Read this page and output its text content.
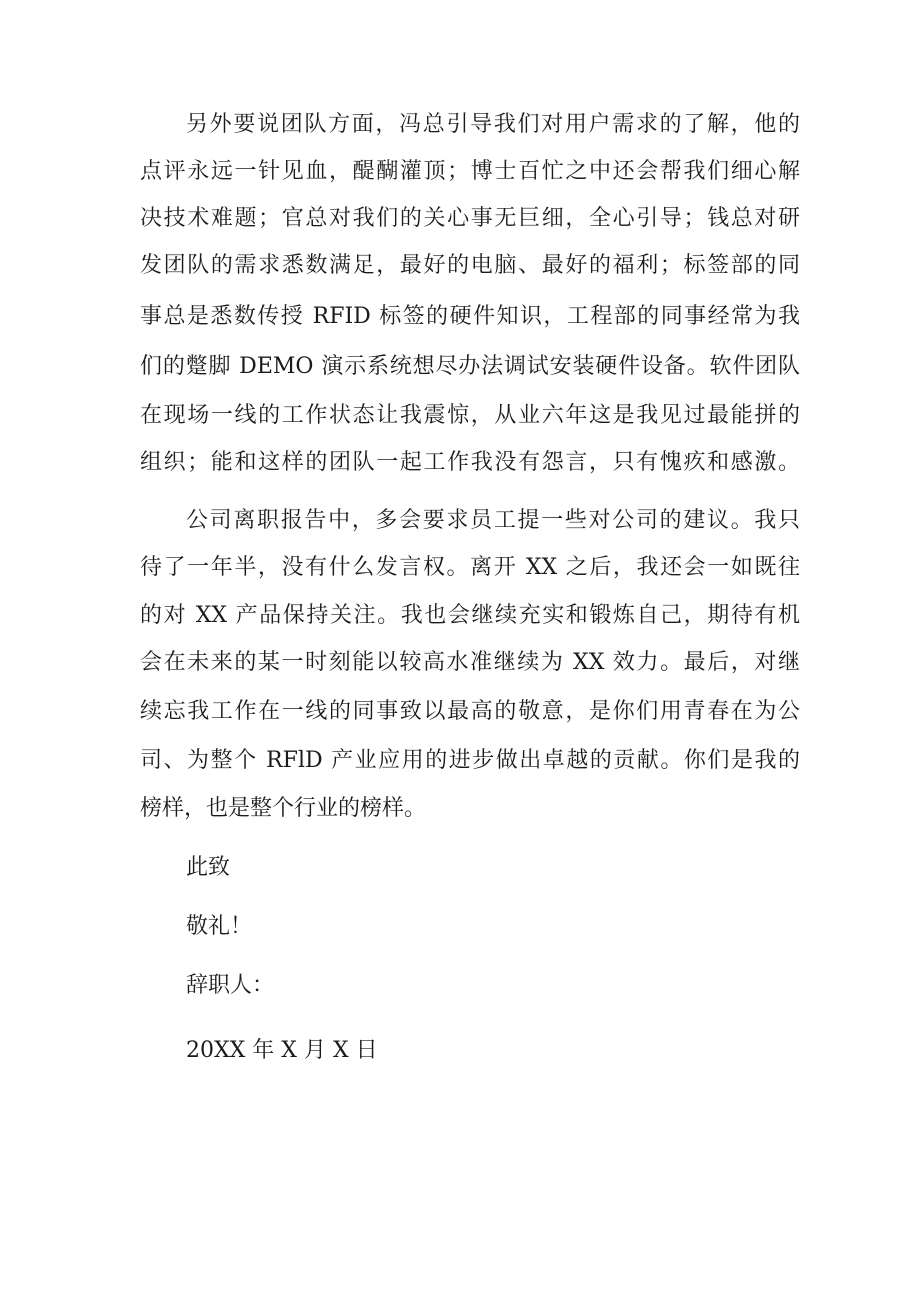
另外要说团队方面，冯总引导我们对用户需求的了解，他的
点评永远一针见血，醍醐灌顶；博士百忙之中还会帮我们细心解
决技术难题；官总对我们的关心事无巨细，全心引导；钱总对研
发团队的需求悉数满足，最好的电脑、最好的福利；标签部的同
事总是悉数传授 RFID 标签的硬件知识，工程部的同事经常为我
们的蹩脚 DEMO 演示系统想尽办法调试安装硬件设备。软件团队
在现场一线的工作状态让我震惊，从业六年这是我见过最能拼的
组织；能和这样的团队一起工作我没有怨言，只有愧疚和感激。
公司离职报告中，多会要求员工提一些对公司的建议。我只
待了一年半，没有什么发言权。离开 XX 之后，我还会一如既往
的对 XX 产品保持关注。我也会继续充实和锻炼自己，期待有机
会在未来的某一时刻能以较高水准继续为 XX 效力。最后，对继
续忘我工作在一线的同事致以最高的敬意，是你们用青春在为公
司、为整个 RFlD 产业应用的进步做出卓越的贡献。你们是我的
榜样，也是整个行业的榜样。
此致
敬礼！
辞职人：
20XX 年 X 月 X 日
